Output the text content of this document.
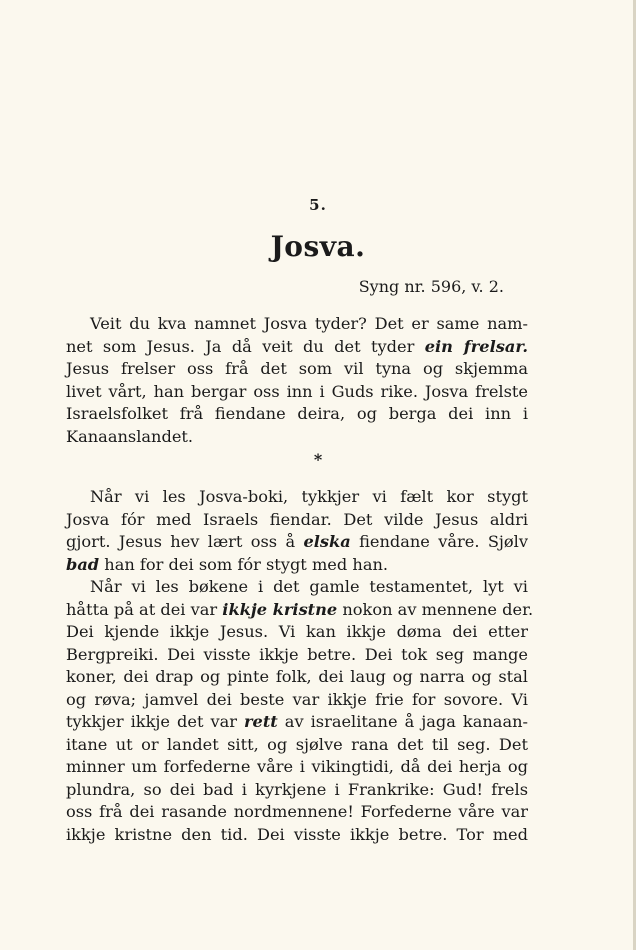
5.
Josva.
Syng nr. 596, v. 2.
Veit du kva namnet Josva tyder? Det er same nam-
net som Jesus. Ja då veit du det tyder ein frelsar.
Jesus frelser oss frå det som vil tyna og skjemma
livet vårt, han bergar oss inn i Guds rike. Josva frelste
Israelsfolket frå fiendane deira, og berga dei inn i
Kanaanslandet.
*
Når vi les Josva-boki, tykkjer vi fælt kor stygt
Josva fór med Israels fiendar. Det vilde Jesus aldri
gjort. Jesus hev lært oss å elska fiendane våre. Sjølv
bad han for dei som fór stygt med han.
Når vi les bøkene i det gamle testamentet, lyt vi
håtta på at dei var ikkje kristne nokon av mennene der.
Dei kjende ikkje Jesus. Vi kan ikkje døma dei etter
Bergpreiki. Dei visste ikkje betre. Dei tok seg mange
koner, dei drap og pinte folk, dei laug og narra og stal
og røva; jamvel dei beste var ikkje frie for sovore. Vi
tykkjer ikkje det var rett av israelitane å jaga kanaan-
itane ut or landet sitt, og sjølve rana det til seg. Det
minner um forfederne våre i vikingtidi, då dei herja og
plundra, so dei bad i kyrkjene i Frankrike: Gud! frels
oss frå dei rasande nordmennene! Forfederne våre var
ikkje kristne den tid. Dei visste ikkje betre. Tor med
